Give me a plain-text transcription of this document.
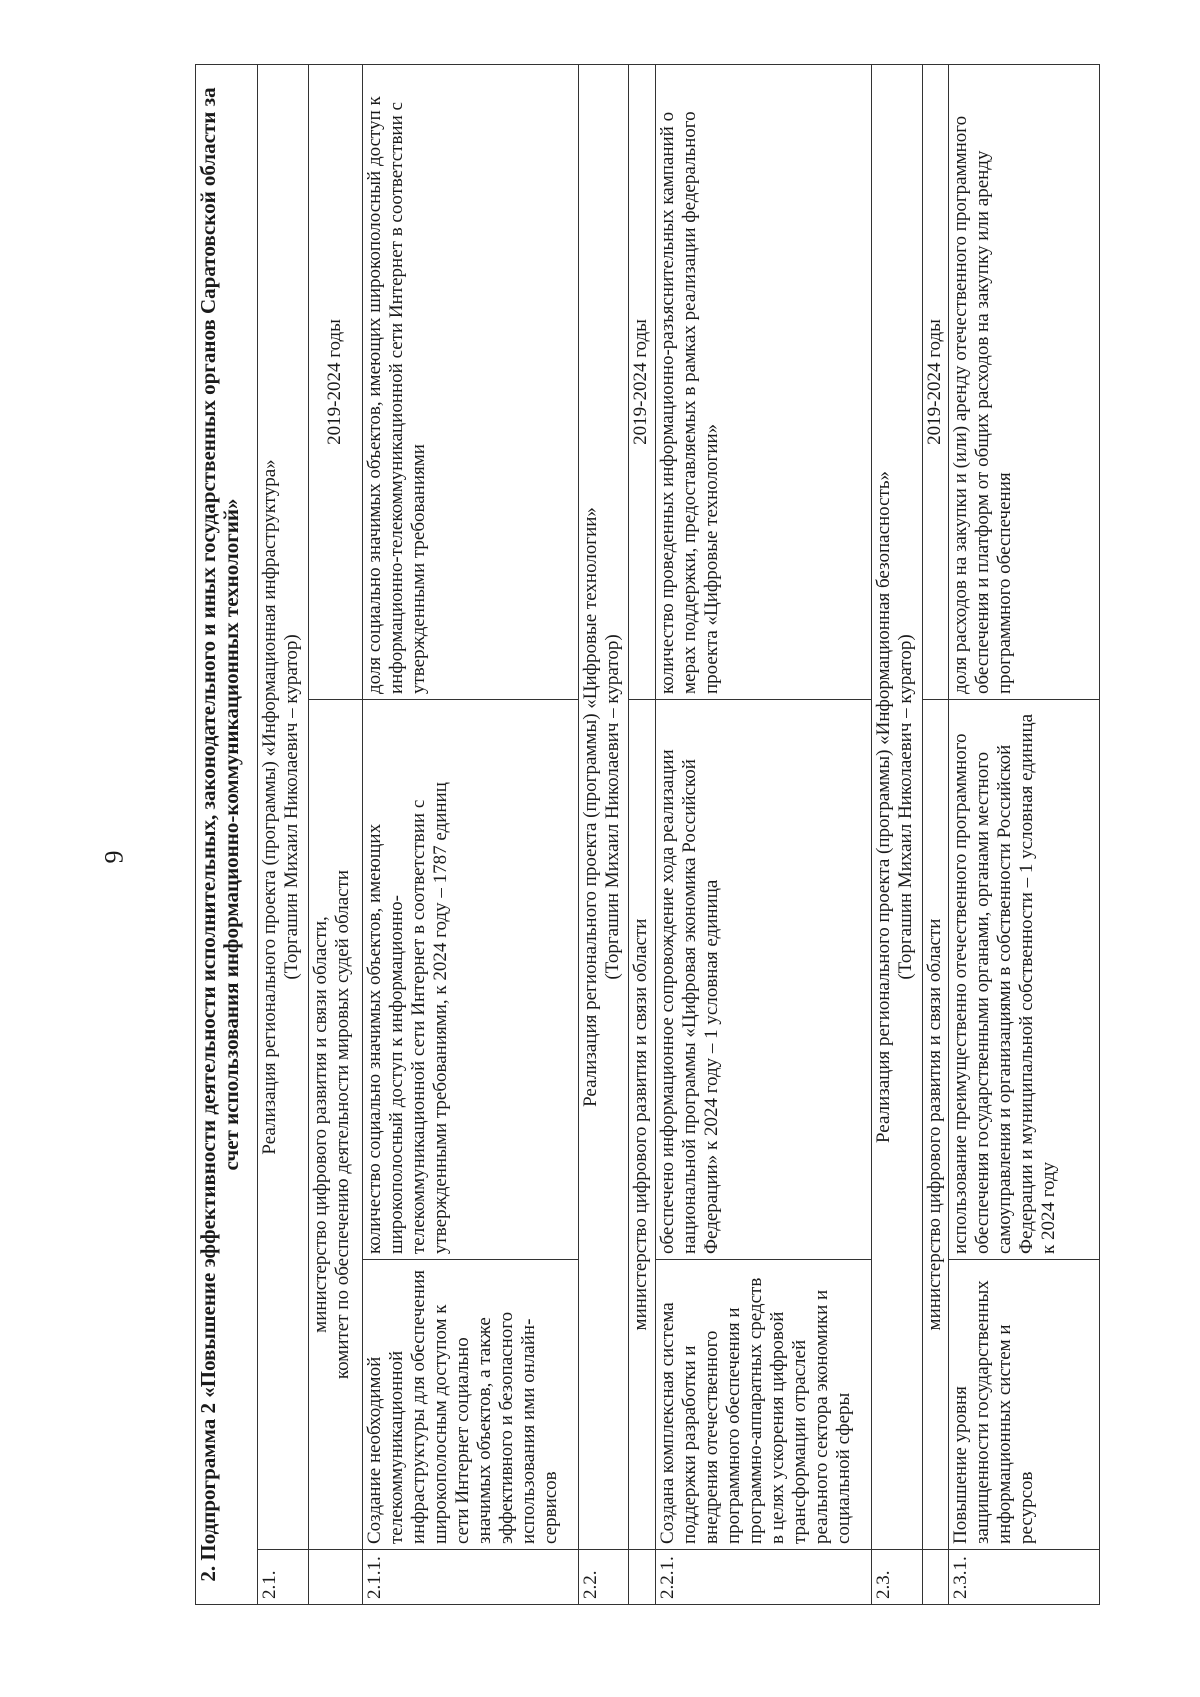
9	2. Подпрограмма 2 «Повышение эффективности деятельности исполнительных, законодательного и иных государственных органов Саратовской области за счет использования информационно-коммуникационных технологий»			
2.1.	Реализация регионального проекта (программы) «Информационная инфраструктура» (Торгашин Михаил Николаевич – куратор)		

	министерство цифрового развития и связи области, комитет по обеспечению деятельности мировых судей области		2019-2024 годы
2.1.1.	Создание необходимой телекоммуникационной инфраструктуры для обеспечения широкополосным доступом к сети Интернет социально значимых объектов, а также эффективного и безопасного использования ими онлайн-сервисов	количество социально значимых объектов, имеющих широкополосный доступ к информационно-телекоммуникационной сети Интернет в соответствии с утвержденными требованиями, к 2024 году – 1787 единиц	доля социально значимых объектов, имеющих широкополосный доступ к информационно-телекоммуникационной сети Интернет в соответствии с утвержденными требованиями

2.2.	Реализация регионального проекта (программы) «Цифровые технологии» (Торгашин Михаил Николаевич – куратор)		

	министерство цифрового развития и связи области		2019-2024 годы
2.2.1.	Создана комплексная система поддержки разработки и внедрения отечественного программного обеспечения и программно-аппаратных средств в целях ускорения цифровой трансформации отраслей реального сектора экономики и социальной сферы	обеспечено информационное сопровождение хода реализации национальной программы «Цифровая экономика Российской Федерации» к 2024 году – 1 условная единица	количество проведенных информационно-разъяснительных кампаний о мерах поддержки, предоставляемых в рамках реализации федерального проекта «Цифровые технологии»
2.3.	Реализация регионального проекта (программы) «Информационная безопасность» (Торгашин Михаил Николаевич – куратор)		

	министерство цифрового развития и связи области		2019-2024 годы
2.3.1.	Повышение уровня защищенности государственных информационных систем и ресурсов	использование преимущественно отечественного программного обеспечения государственными органами, органами местного самоуправления и организациями в собственности Российской Федерации и муниципальной собственности – 1 условная единица к 2024 году	доля расходов на закупки и (или) аренду отечественного программного обеспечения и платформ от общих расходов на закупку или аренду программного обеспечения
